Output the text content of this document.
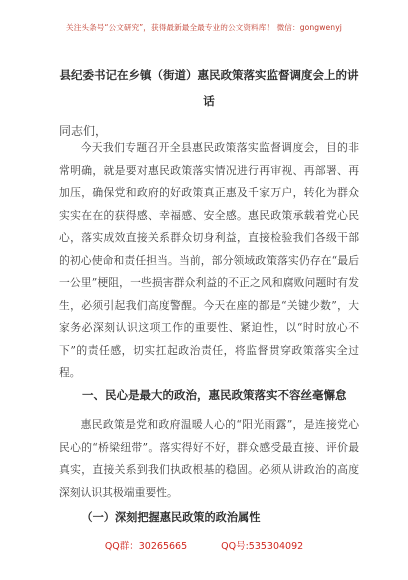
关注头条号“公文研究”，获得最新最全最专业的公文资料库！ 微信：gongwenyj
县纪委书记在乡镇（街道）惠民政策落实监督调度会上的讲话
同志们，

今天我们专题召开全县惠民政策落实监督调度会，目的非常明确，就是要对惠民政策落实情况进行再审视、再部署、再加压，确保党和政府的好政策真正惠及千家万户，转化为群众实实在在的获得感、幸福感、安全感。惠民政策承载着党心民心，落实成效直接关系群众切身利益，直接检验我们各级干部的初心使命和责任担当。当前，部分领域政策落实仍存在“最后一公里”梗阻，一些损害群众利益的不正之风和腐败问题时有发生，必须引起我们高度警醒。今天在座的都是“关键少数”，大家务必深刻认识这项工作的重要性、紧迫性，以“时时放心不下”的责任感，切实扛起政治责任，将监督贯穿政策落实全过程。

一、民心是最大的政治，惠民政策落实不容丝毫懈怠

惠民政策是党和政府温暖人心的“阳光雨露”，是连接党心民心的“桥梁纽带”。落实得好不好，群众感受最直接、评价最真实，直接关系到我们执政根基的稳固。必须从讲政治的高度深刻认识其极端重要性。

（一）深刻把握惠民政策的政治属性
QQ群：30265665	QQ号:535304092
